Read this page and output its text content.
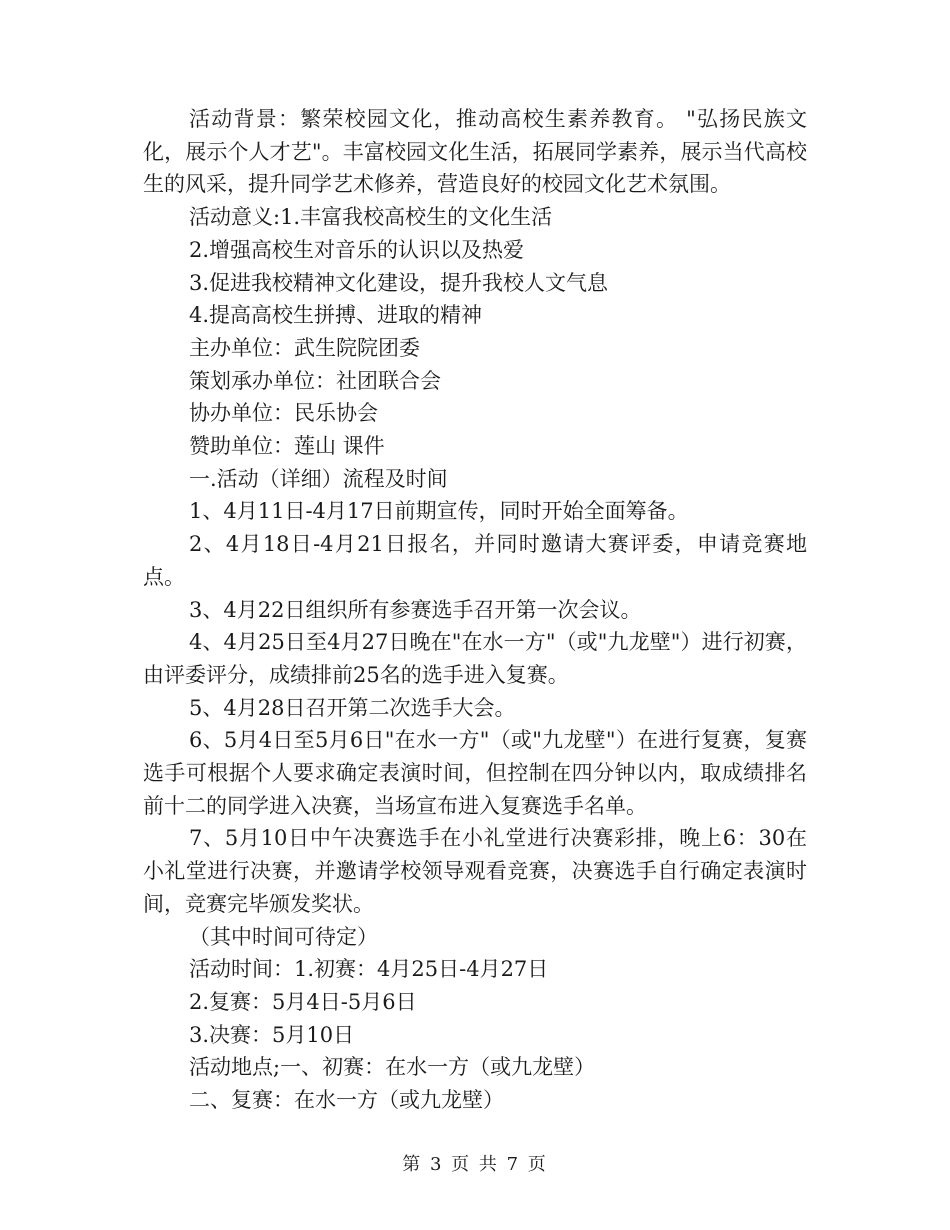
活动背景：繁荣校园文化，推动高校生素养教育。 "弘扬民族文化，展示个人才艺"。丰富校园文化生活，拓展同学素养，展示当代高校生的风采，提升同学艺术修养，营造良好的校园文化艺术氛围。

活动意义:1.丰富我校高校生的文化生活

2.增强高校生对音乐的认识以及热爱

3.促进我校精神文化建设，提升我校人文气息

4.提高高校生拼搏、进取的精神

主办单位：武生院院团委

策划承办单位：社团联合会

协办单位：民乐协会

赞助单位：莲山 课件

一.活动（详细）流程及时间

1、4月11日-4月17日前期宣传，同时开始全面筹备。

2、4月18日-4月21日报名，并同时邀请大赛评委，申请竞赛地点。

3、4月22日组织所有参赛选手召开第一次会议。

4、4月25日至4月27日晚在"在水一方"（或"九龙壁"）进行初赛，由评委评分，成绩排前25名的选手进入复赛。

5、4月28日召开第二次选手大会。

6、5月4日至5月6日"在水一方"（或"九龙壁"）在进行复赛，复赛选手可根据个人要求确定表演时间，但控制在四分钟以内，取成绩排名前十二的同学进入决赛，当场宣布进入复赛选手名单。

7、5月10日中午决赛选手在小礼堂进行决赛彩排，晚上6：30在小礼堂进行决赛，并邀请学校领导观看竞赛，决赛选手自行确定表演时间，竞赛完毕颁发奖状。

（其中时间可待定）

活动时间：1.初赛：4月25日-4月27日

2.复赛：5月4日-5月6日

3.决赛：5月10日

活动地点;一、初赛：在水一方（或九龙壁）

二、复赛：在水一方（或九龙壁）

第 3 页 共 7 页
